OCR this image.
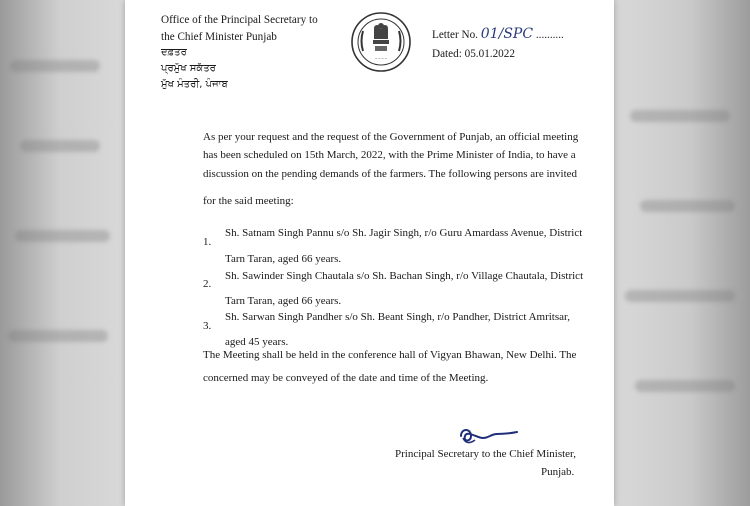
Office of the Principal Secretary to
the Chief Minister Punjab
ਦਫ਼ਤਰ
ਪ੍ਰਮੁੱਖ ਸਕੱਤਰ
ਮੁੱਖ ਮੰਤਰੀ, ਪੰਜਾਬ
_ _ _ _
Letter No. 01/SPC ..........
Dated: 05.01.2022
As per your request and the request of the Government of Punjab, an official meeting
has been scheduled on 15th March, 2022, with the Prime Minister of India, to have a
discussion on the pending demands of the farmers. The following persons are invited
for the said meeting:
1.
Sh. Satnam Singh Pannu s/o Sh. Jagir Singh, r/o Guru Amardass Avenue, District
Tarn Taran, aged 66 years.
2.
Sh. Sawinder Singh Chautala s/o Sh. Bachan Singh, r/o Village Chautala, District
Tarn Taran, aged 66 years.
3.
Sh. Sarwan Singh Pandher s/o Sh. Beant Singh, r/o Pandher, District Amritsar,
aged 45 years.
The Meeting shall be held in the conference hall of Vigyan Bhawan, New Delhi. The
concerned may be conveyed of the date and time of the Meeting.
Principal Secretary to the Chief Minister,
Punjab.
